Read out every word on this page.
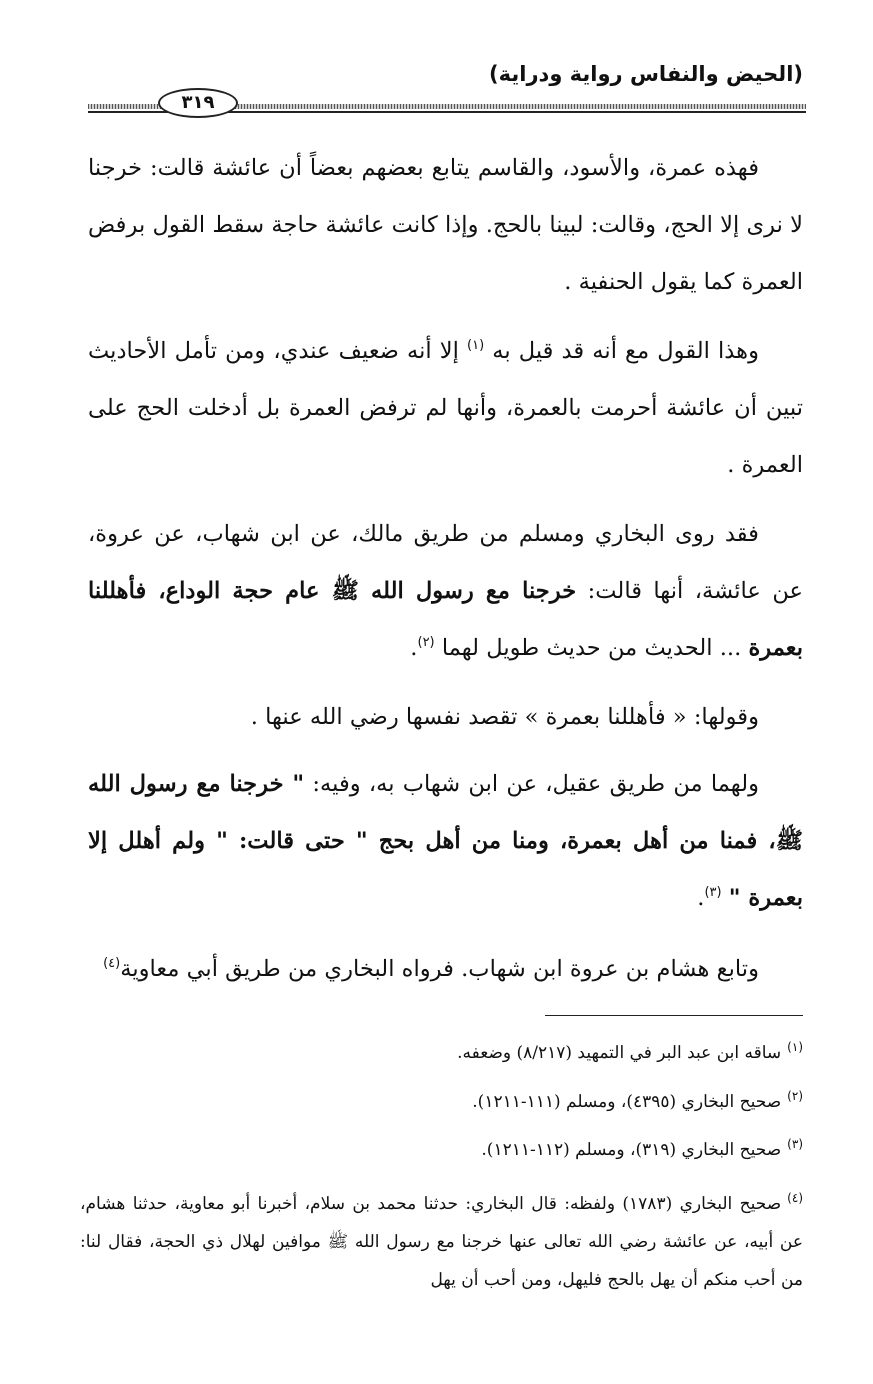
(الحيض والنفاس رواية ودراية)
٣١٩

فهذه عمرة، والأسود، والقاسم يتابع بعضهم بعضاً أن عائشة قالت: خرجنا لا نرى إلا الحج، وقالت: لبينا بالحج. وإذا كانت عائشة حاجة سقط القول برفض العمرة كما يقول الحنفية .

وهذا القول مع أنه قد قيل به $^{(١)}$ إلا أنه ضعيف عندي، ومن تأمل الأحاديث تبين أن عائشة أحرمت بالعمرة، وأنها لم ترفض العمرة بل أدخلت الحج على العمرة .

فقد روى البخاري ومسلم من طريق مالك، عن ابن شهاب، عن عروة، عن عائشة، أنها قالت: خرجنا مع رسول الله ﷺ عام حجة الوداع، فأهللنا بعمرة ... الحديث من حديث طويل لهما $^{(٢)}$.

وقولها: « فأهللنا بعمرة » تقصد نفسها رضي الله عنها .

ولهما من طريق عقيل، عن ابن شهاب به، وفيه: " خرجنا مع رسول الله ﷺ، فمنا من أهل بعمرة، ومنا من أهل بحج " حتى قالت: " ولم أهلل إلا بعمرة " $^{(٣)}$.

وتابع هشام بن عروة ابن شهاب. فرواه البخاري من طريق أبي معاوية$^{(٤)}$

$^{(١)}$ساقه ابن عبد البر في التمهيد (٨/٢١٧) وضعفه.

$^{(٢)}$صحيح البخاري (٤٣٩٥)، ومسلم (١١١-١٢١١).

$^{(٣)}$صحيح البخاري (٣١٩)، ومسلم (١١٢-١٢١١).

$^{(٤)}$صحيح البخاري (١٧٨٣) ولفظه: قال البخاري: حدثنا محمد بن سلام، أخبرنا أبو معاوية، حدثنا هشام، عن أبيه، عن عائشة رضي الله تعالى عنها خرجنا مع رسول الله ﷺ موافين لهلال ذي الحجة، فقال لنا: من أحب منكم أن يهل بالحج فليهل، ومن أحب أن يهل
